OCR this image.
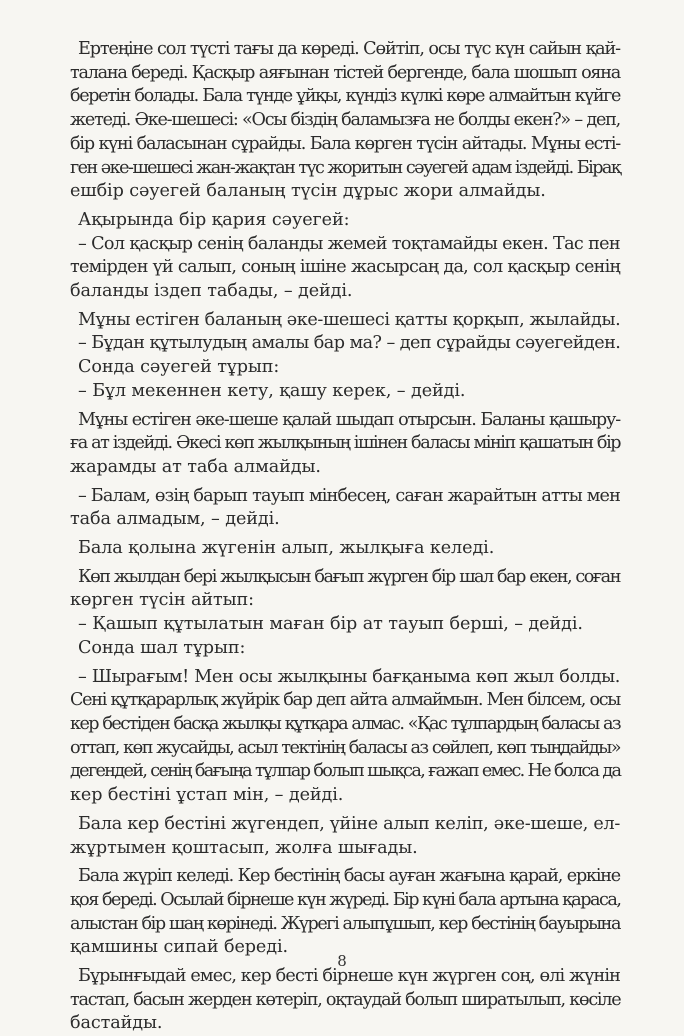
Ертеңіне сол түсті тағы да көреді. Сөйтіп, осы түс күн сайын қай-

талана береді. Қасқыр аяғынан тістей бергенде, бала шошып ояна

беретін болады. Бала түнде ұйқы, күндіз күлкі көре алмайтын күйге

жетеді. Әке-шешесі: «Осы біздің баламызға не болды екен?» – деп,

бір күні баласынан сұрайды. Бала көрген түсін айтады. Мұны есті-

ген әке-шешесі жан-жақтан түс жоритын сәуегей адам іздейді. Бірақ

ешбір сәуегей баланың түсін дұрыс жори алмайды.

Ақырында бір қария сәуегей:

– Сол қасқыр сенің баланды жемей тоқтамайды екен. Тас пен

темірден үй салып, соның ішіне жасырсаң да, сол қасқыр сенің

баланды іздеп табады, – дейді.

Мұны естіген баланың әке-шешесі қатты қорқып, жылайды.

– Бұдан құтылудың амалы бар ма? – деп сұрайды сәуегейден.

Сонда сәуегей тұрып:

– Бұл мекеннен кету, қашу керек, – дейді.

Мұны естіген әке-шеше қалай шыдап отырсын. Баланы қашыру-

ға ат іздейді. Әкесі көп жылқының ішінен баласы мініп қашатын бір

жарамды ат таба алмайды.

– Балам, өзің барып тауып мінбесең, саған жарайтын атты мен

таба алмадым, – дейді.

Бала қолына жүгенін алып, жылқыға келеді.

Көп жылдан бері жылқысын бағып жүрген бір шал бар екен, соған

көрген түсін айтып:

– Қашып құтылатын маған бір ат тауып берші, – дейді.

Сонда шал тұрып:

– Шырағым! Мен осы жылқыны бағқаныма көп жыл болды.

Сені құтқарарлық жүйрік бар деп айта алмаймын. Мен білсем, осы

кер бестіден басқа жылқы құтқара алмас. «Қас тұлпардың баласы аз

оттап, көп жусайды, асыл тектінің баласы аз сөйлеп, көп тыңдайды»

дегендей, сенің бағыңа тұлпар болып шықса, ғажап емес. Не болса да

кер бестіні ұстап мін, – дейді.

Бала кер бестіні жүгендеп, үйіне алып келіп, әке-шеше, ел-

жұртымен қоштасып, жолға шығады.

Бала жүріп келеді. Кер бестінің басы ауған жағына қарай, еркіне

қоя береді. Осылай бірнеше күн жүреді. Бір күні бала артына қараса,

алыстан бір шаң көрінеді. Жүрегі алыпұшып, кер бестінің бауырына

қамшины сипай береді.

Бұрынғыдай емес, кер бесті бірнеше күн жүрген соң, өлі жүнін

тастап, басын жерден көтеріп, оқтаудай болып ширатылып, көсіле

бастайды.

8
